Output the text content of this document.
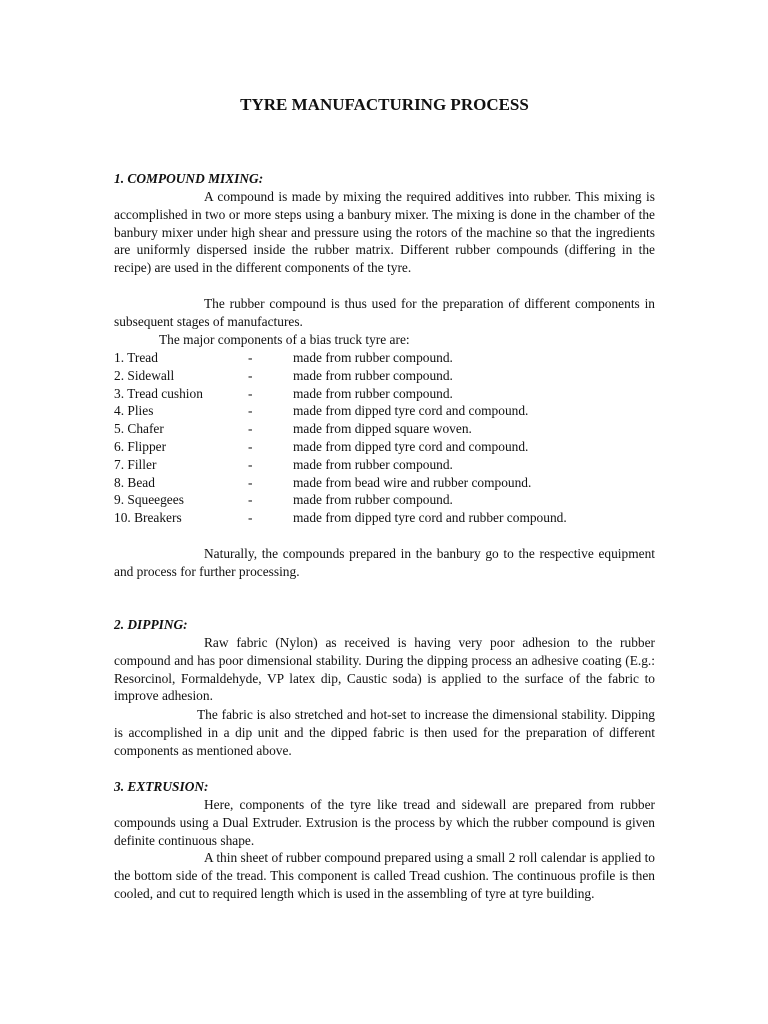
TYRE MANUFACTURING PROCESS
1. COMPOUND MIXING:

A compound is made by mixing the required additives into rubber. This mixing is accomplished in two or more steps using a banbury mixer. The mixing is done in the chamber of the banbury mixer under high shear and pressure using the rotors of the machine so that the ingredients are uniformly dispersed inside the rubber matrix. Different rubber compounds (differing in the recipe) are used in the different components of the tyre.

The rubber compound is thus used for the preparation of different components in subsequent stages of manufactures.

The major components of a bias truck tyre are:

1. Tread	-	made from rubber compound.
2. Sidewall	-	made from rubber compound.
3. Tread cushion	-	made from rubber compound.
4. Plies	-	made from dipped tyre cord and compound.
5. Chafer	-	made from dipped square woven.
6. Flipper	-	made from dipped tyre cord and compound.
7. Filler	-	made from rubber compound.
8. Bead	-	made from bead wire and rubber compound.
9. Squeegees	-	made from rubber compound.
10. Breakers	-	made from dipped tyre cord and rubber compound.

Naturally, the compounds prepared in the banbury go to the respective equipment and process for further processing.

2. DIPPING:

Raw fabric (Nylon) as received is having very poor adhesion to the rubber compound and has poor dimensional stability. During the dipping process an adhesive coating (E.g.: Resorcinol, Formaldehyde, VP latex dip, Caustic soda) is applied to the surface of the fabric to improve adhesion.

The fabric is also stretched and hot-set to increase the dimensional stability. Dipping is accomplished in a dip unit and the dipped fabric is then used for the preparation of different components as mentioned above.

3. EXTRUSION:

Here, components of the tyre like tread and sidewall are prepared from rubber compounds using a Dual Extruder. Extrusion is the process by which the rubber compound is given definite continuous shape.

A thin sheet of rubber compound prepared using a small 2 roll calendar is applied to the bottom side of the tread. This component is called Tread cushion. The continuous profile is then cooled, and cut to required length which is used in the assembling of tyre at tyre building.
